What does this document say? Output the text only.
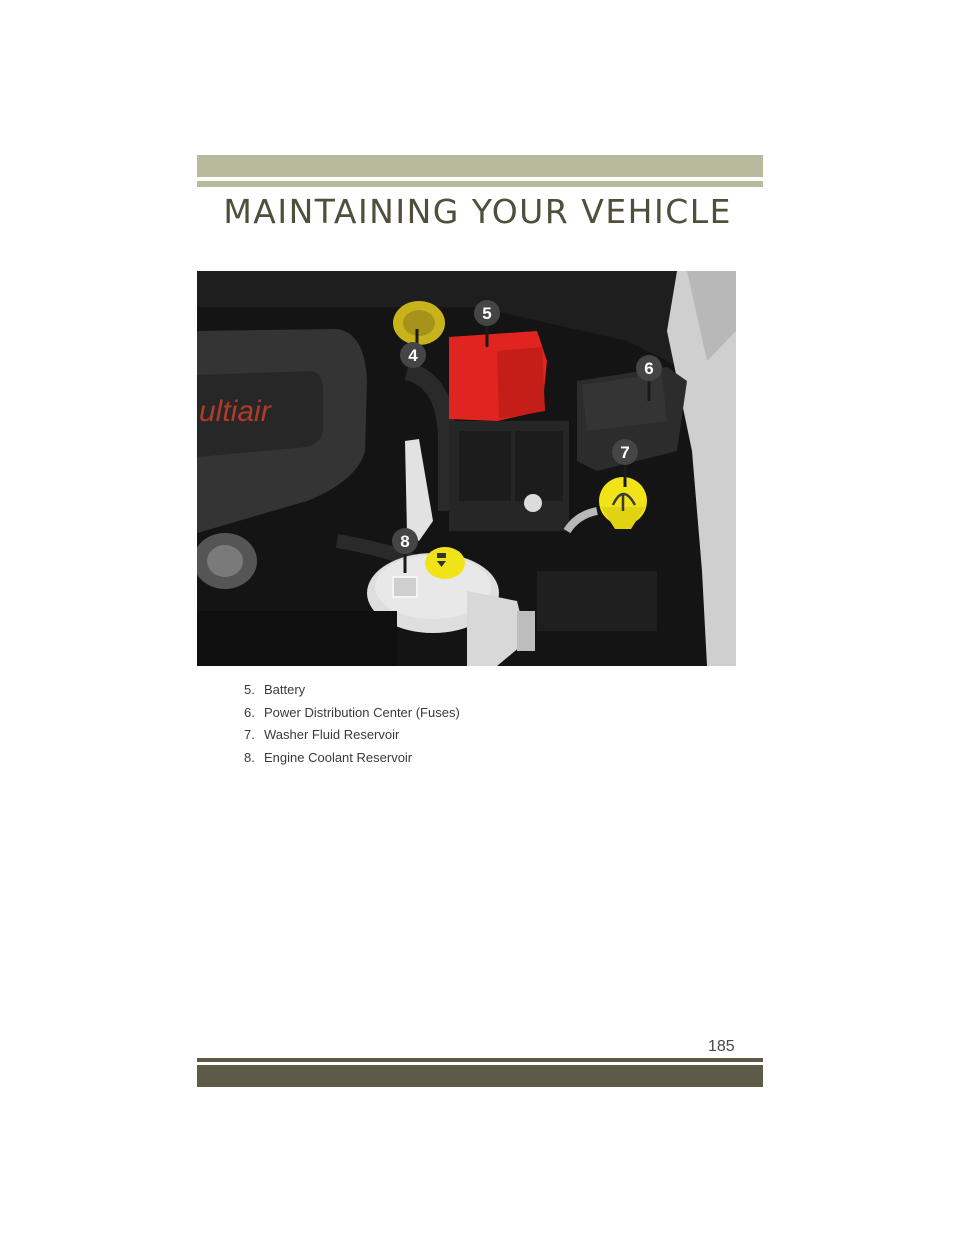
MAINTAINING YOUR VEHICLE
ultiair
4
5
6
7
8
5. Battery
6. Power Distribution Center (Fuses)
7. Washer Fluid Reservoir
8. Engine Coolant Reservoir
185
